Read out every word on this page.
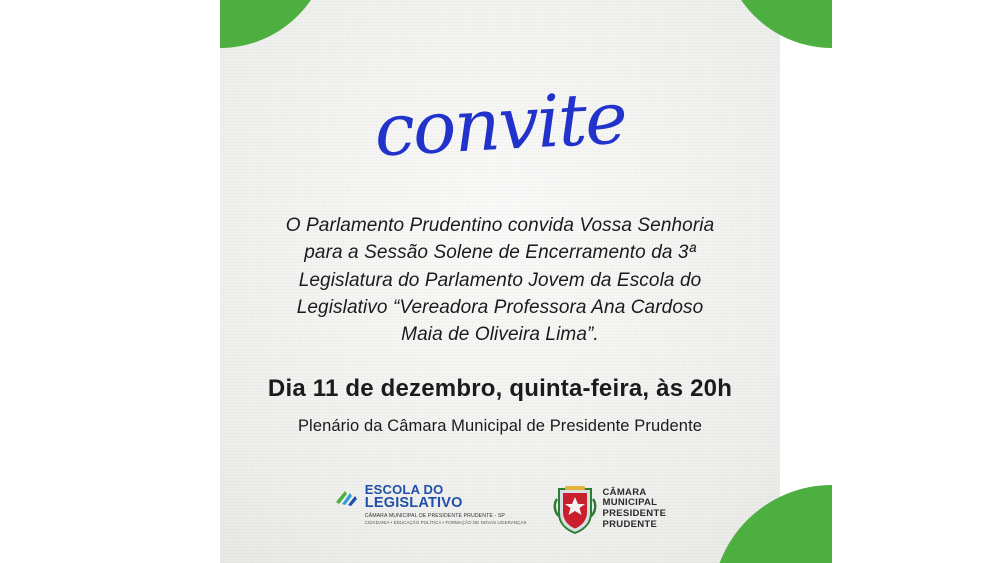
convite
O Parlamento Prudentino convida Vossa Senhoria
para a Sessão Solene de Encerramento da 3ª
Legislatura do Parlamento Jovem da Escola do
Legislativo “Vereadora Professora Ana Cardoso
Maia de Oliveira Lima”.
Dia 11 de dezembro, quinta-feira, às 20h
Plenário da Câmara Municipal de Presidente Prudente
ESCOLA DO
LEGISLATIVO
CÂMARA MUNICIPAL DE PRESIDENTE PRUDENTE - SP
CIDADANIA • EDUCAÇÃO POLÍTICA • FORMAÇÃO DE NOVAS LIDERANÇAS
CÂMARA
MUNICIPAL
PRESIDENTE
PRUDENTE
